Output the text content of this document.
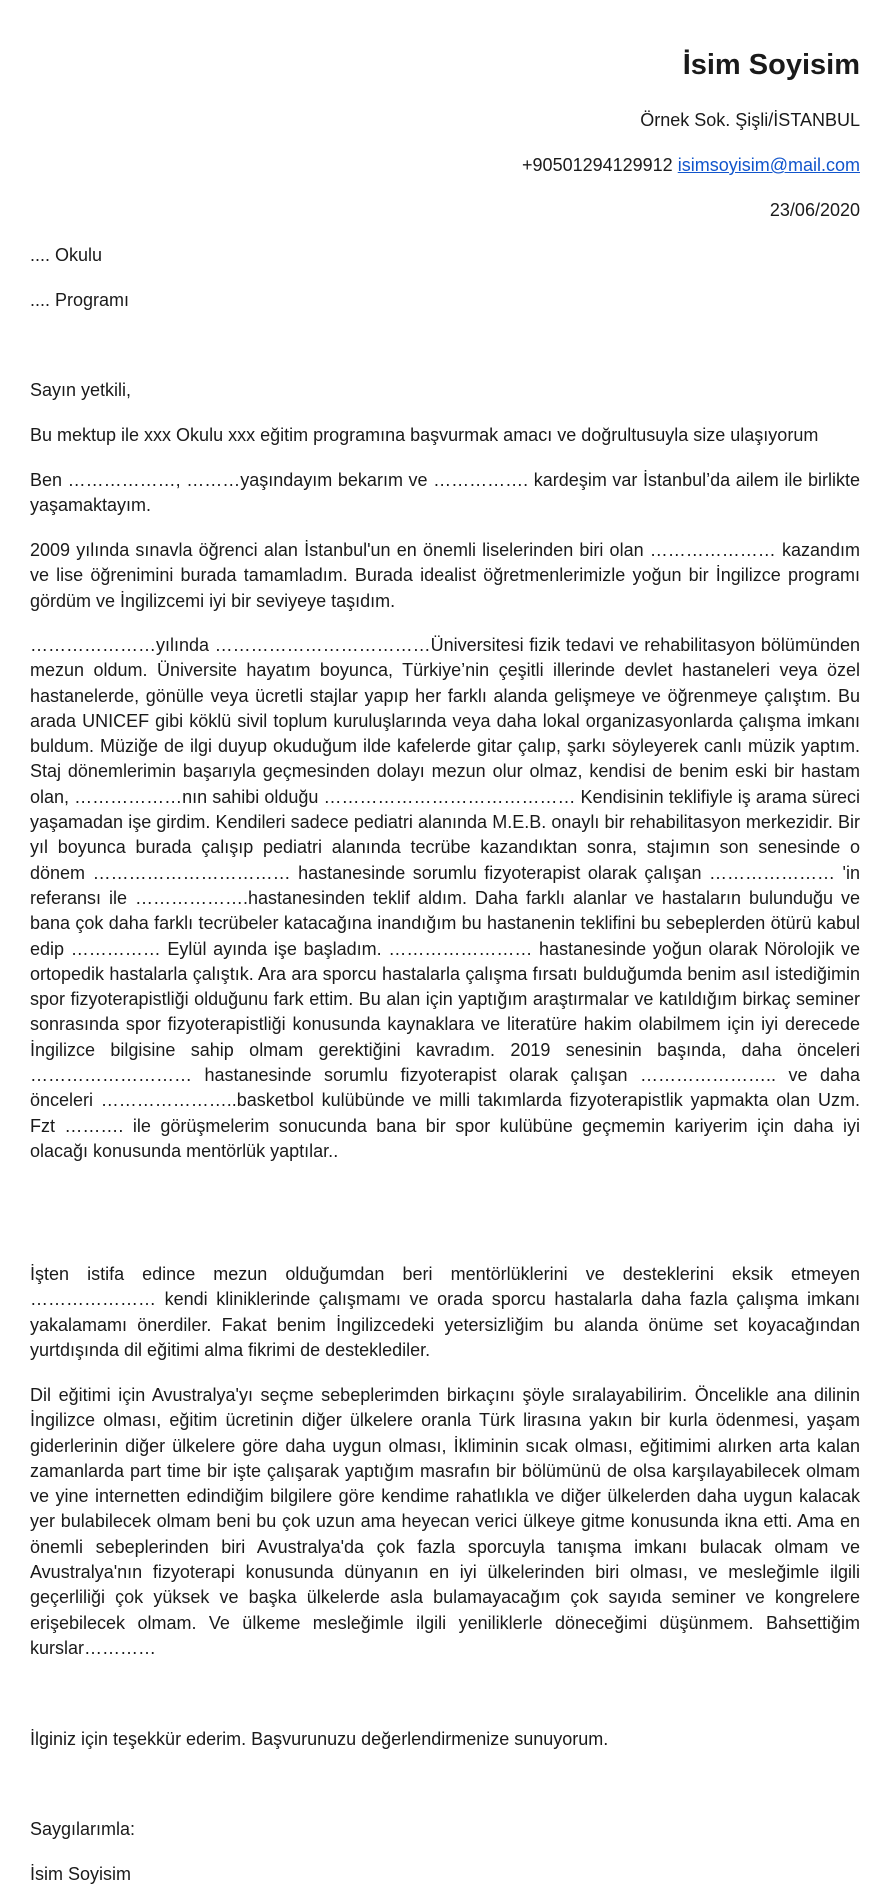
İsim Soyisim
Örnek Sok. Şişli/İSTANBUL
+90501294129912 isimsoyisim@mail.com
23/06/2020
.... Okulu
.... Programı
Sayın yetkili,

Bu mektup ile xxx Okulu xxx eğitim programına başvurmak amacı ve doğrultusuyla size ulaşıyorum

Ben ………………, ………yaşındayım bekarım ve ……………. kardeşim var İstanbul’da ailem ile birlikte yaşamaktayım.

2009 yılında sınavla öğrenci alan İstanbul'un en önemli liselerinden biri olan ………………… kazandım ve lise öğrenimini burada tamamladım. Burada idealist öğretmenlerimizle yoğun bir İngilizce programı gördüm ve İngilizcemi iyi bir seviyeye taşıdım.

…………………yılında ………………………………Üniversitesi fizik tedavi ve rehabilitasyon bölümünden mezun oldum. Üniversite hayatım boyunca, Türkiye’nin çeşitli illerinde devlet hastaneleri veya özel hastanelerde, gönülle veya ücretli stajlar yapıp her farklı alanda gelişmeye ve öğrenmeye çalıştım. Bu arada UNICEF gibi köklü sivil toplum kuruluşlarında veya daha lokal organizasyonlarda çalışma imkanı buldum. Müziğe de ilgi duyup okuduğum ilde kafelerde gitar çalıp, şarkı söyleyerek canlı müzik yaptım. Staj dönemlerimin başarıyla geçmesinden dolayı mezun olur olmaz, kendisi de benim eski bir hastam olan, ………………nın sahibi olduğu …………………………………… Kendisinin teklifiyle iş arama süreci yaşamadan işe girdim. Kendileri sadece pediatri alanında M.E.B. onaylı bir rehabilitasyon merkezidir. Bir yıl boyunca burada çalışıp pediatri alanında tecrübe kazandıktan sonra, stajımın son senesinde o dönem …………………………… hastanesinde sorumlu fizyoterapist olarak çalışan ………………… 'in referansı ile ……………….hastanesinden teklif aldım. Daha farklı alanlar ve hastaların bulunduğu ve bana çok daha farklı tecrübeler katacağına inandığım bu hastanenin teklifini bu sebeplerden ötürü kabul edip …………… Eylül ayında işe başladım. …………………… hastanesinde yoğun olarak Nörolojik ve ortopedik hastalarla çalıştık. Ara ara sporcu hastalarla çalışma fırsatı bulduğumda benim asıl istediğimin spor fizyoterapistliği olduğunu fark ettim. Bu alan için yaptığım araştırmalar ve katıldığım birkaç seminer sonrasında spor fizyoterapistliği konusunda kaynaklara ve literatüre hakim olabilmem için iyi derecede İngilizce bilgisine sahip olmam gerektiğini kavradım. 2019 senesinin başında, daha önceleri ……………………… hastanesinde sorumlu fizyoterapist olarak çalışan ………………….. ve daha önceleri …………………..basketbol kulübünde ve milli takımlarda fizyoterapistlik yapmakta olan Uzm. Fzt ………. ile görüşmelerim sonucunda bana bir spor kulübüne geçmemin kariyerim için daha iyi olacağı konusunda mentörlük yaptılar..

İşten istifa edince mezun olduğumdan beri mentörlüklerini ve desteklerini eksik etmeyen ………………… kendi kliniklerinde çalışmamı ve orada sporcu hastalarla daha fazla çalışma imkanı yakalamamı önerdiler. Fakat benim İngilizcedeki yetersizliğim bu alanda önüme set koyacağından yurtdışında dil eğitimi alma fikrimi de desteklediler.

Dil eğitimi için Avustralya'yı seçme sebeplerimden birkaçını şöyle sıralayabilirim. Öncelikle ana dilinin İngilizce olması, eğitim ücretinin diğer ülkelere oranla Türk lirasına yakın bir kurla ödenmesi, yaşam giderlerinin diğer ülkelere göre daha uygun olması, İkliminin sıcak olması, eğitimimi alırken arta kalan zamanlarda part time bir işte çalışarak yaptığım masrafın bir bölümünü de olsa karşılayabilecek olmam ve yine internetten edindiğim bilgilere göre kendime rahatlıkla ve diğer ülkelerden daha uygun kalacak yer bulabilecek olmam beni bu çok uzun ama heyecan verici ülkeye gitme konusunda ikna etti. Ama en önemli sebeplerinden biri Avustralya'da çok fazla sporcuyla tanışma imkanı bulacak olmam ve Avustralya'nın fizyoterapi konusunda dünyanın en iyi ülkelerinden biri olması, ve mesleğimle ilgili geçerliliği çok yüksek ve başka ülkelerde asla bulamayacağım çok sayıda seminer ve kongrelere erişebilecek olmam. Ve ülkeme mesleğimle ilgili yeniliklerle döneceğimi düşünmem. Bahsettiğim kurslar…………

İlginiz için teşekkür ederim. Başvurunuzu değerlendirmenize sunuyorum.
Saygılarımla:
İsim Soyisim
